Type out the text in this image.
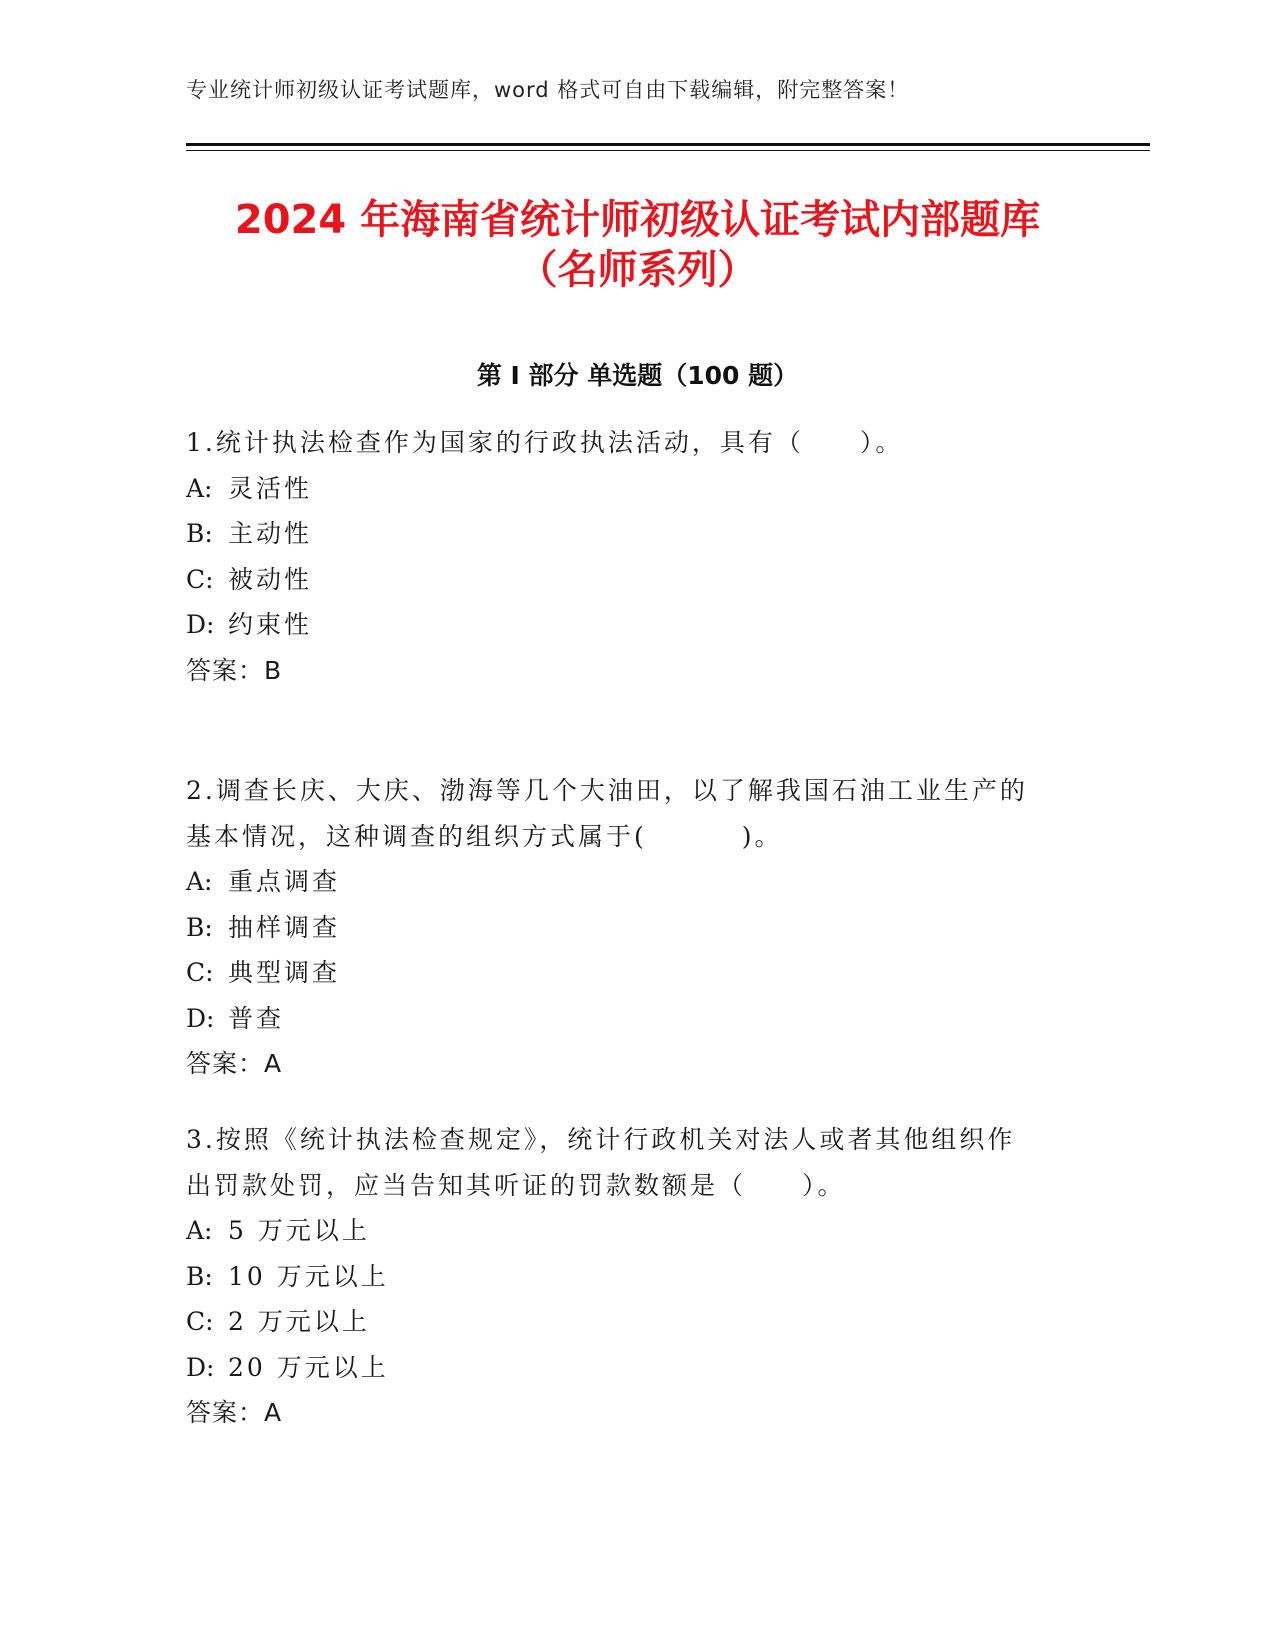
专业统计师初级认证考试题库，word 格式可自由下载编辑，附完整答案！
2024 年海南省统计师初级认证考试内部题库
（名师系列）
第 I 部分 单选题（100 题）
1.统计执法检查作为国家的行政执法活动，具有（　　）。
A: 灵活性
B: 主动性
C: 被动性
D: 约束性
答案：B
2.调查长庆、大庆、渤海等几个大油田，以了解我国石油工业生产的
基本情况，这种调查的组织方式属于(　　　 )。
A: 重点调查
B: 抽样调查
C: 典型调查
D: 普查
答案：A
3.按照《统计执法检查规定》，统计行政机关对法人或者其他组织作
出罚款处罚，应当告知其听证的罚款数额是（　　）。
A: 5 万元以上
B: 10 万元以上
C: 2 万元以上
D: 20 万元以上
答案：A
